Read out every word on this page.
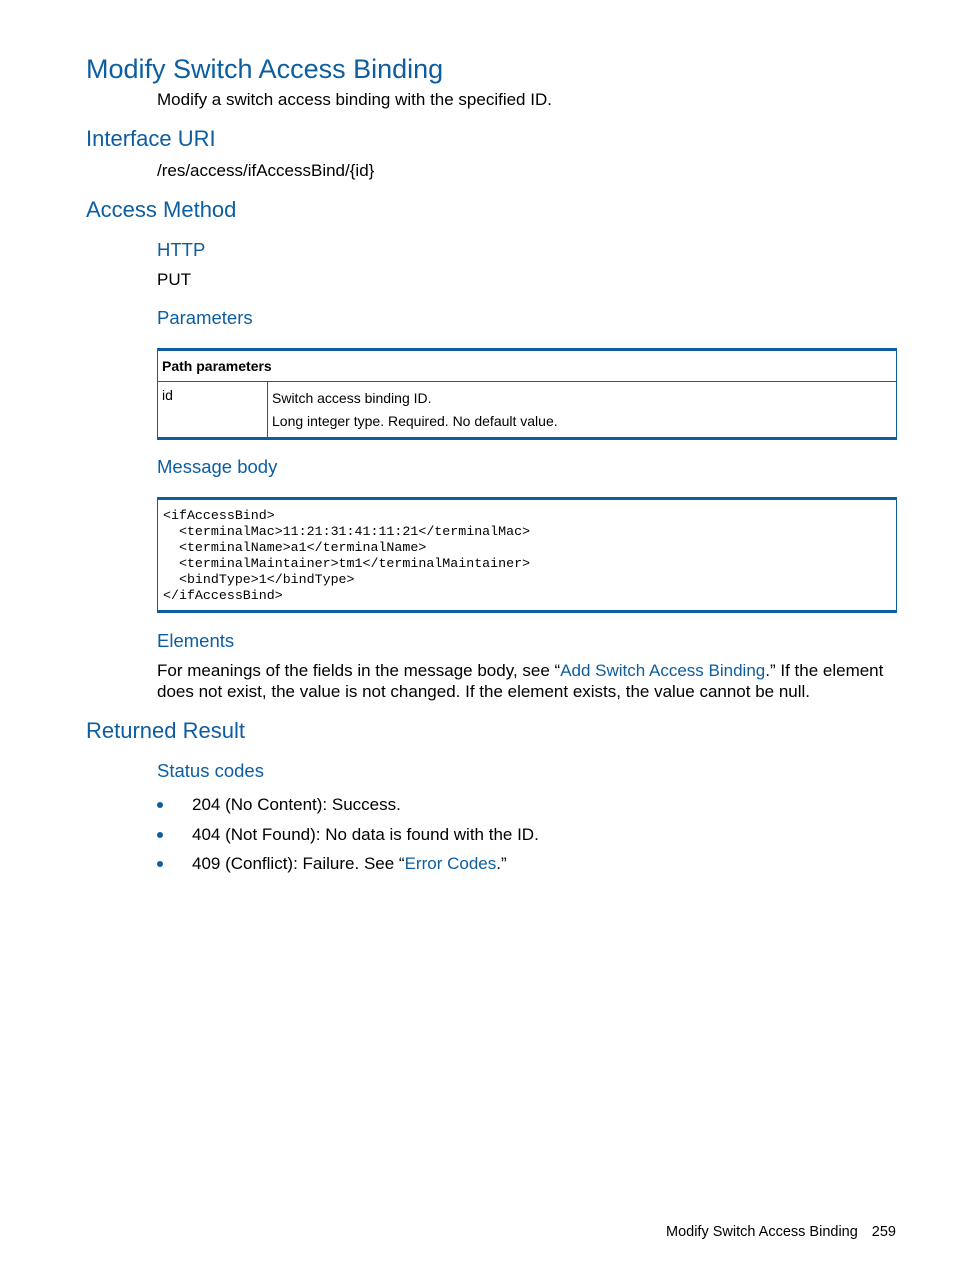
Modify Switch Access Binding

Modify a switch access binding with the specified ID.

Interface URI

/res/access/ifAccessBind/{id}

Access Method
HTTP

PUT

Parameters
Path parameters
id	Switch access binding ID.
Long integer type. Required. No default value.
Message body
<ifAccessBind>
<terminalMac>11:21:31:41:11:21</terminalMac>
<terminalName>a1</terminalName>
<terminalMaintainer>tm1</terminalMaintainer>
<bindType>1</bindType>
</ifAccessBind>
Elements

For meanings of the fields in the message body, see “Add Switch Access Binding.” If the element does not exist, the value is not changed. If the element exists, the value cannot be null.

Returned Result
Status codes
204 (No Content): Success.
404 (Not Found): No data is found with the ID.
409 (Conflict): Failure. See “Error Codes.”
Modify Switch Access Binding 259
